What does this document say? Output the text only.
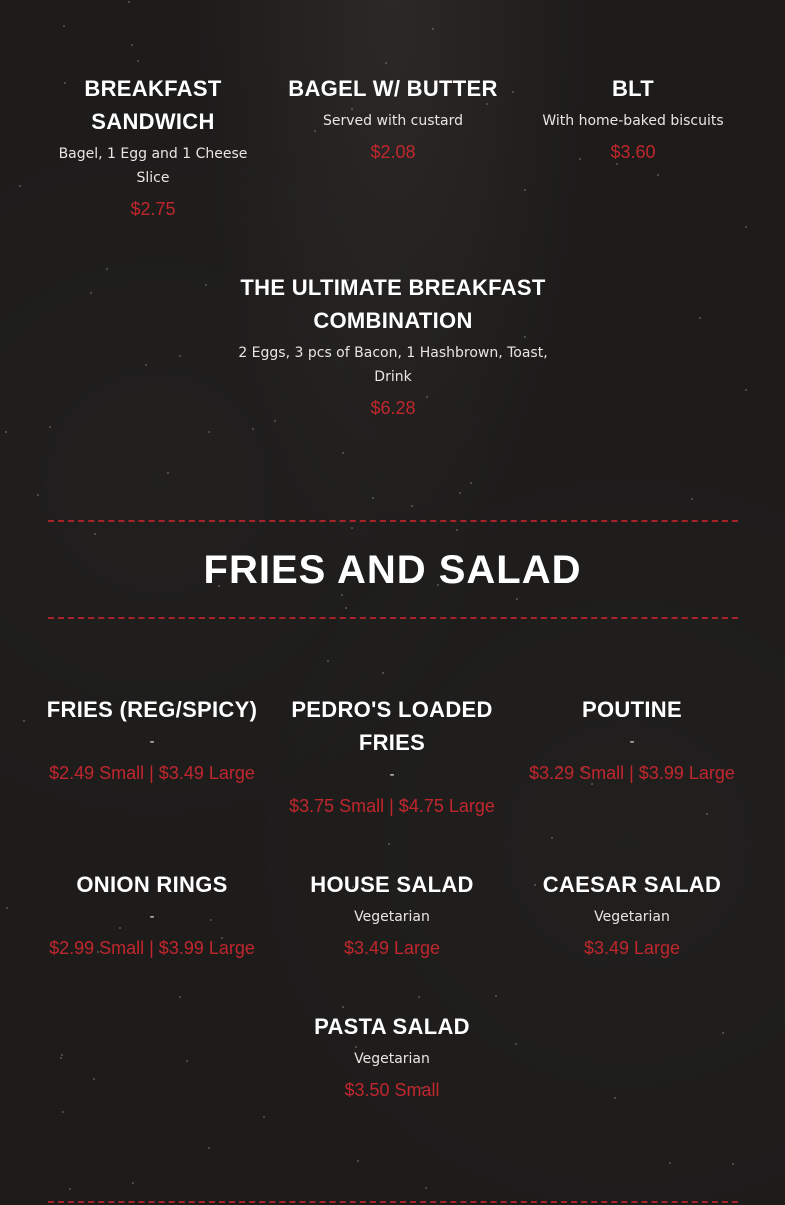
BREAKFAST SANDWICH
Bagel, 1 Egg and 1 Cheese Slice
$2.75
BAGEL W/ BUTTER
Served with custard
$2.08
BLT
With home-baked biscuits
$3.60
THE ULTIMATE BREAKFAST COMBINATION
2 Eggs, 3 pcs of Bacon, 1 Hashbrown, Toast, Drink
$6.28
FRIES AND SALAD
FRIES (REG/SPICY)
-
$2.49 Small | $3.49 Large
PEDRO'S LOADED FRIES
-
$3.75 Small | $4.75 Large
POUTINE
-
$3.29 Small | $3.99 Large
ONION RINGS
-
$2.99 Small | $3.99 Large
HOUSE SALAD
Vegetarian
$3.49 Large
CAESAR SALAD
Vegetarian
$3.49 Large
PASTA SALAD
Vegetarian
$3.50 Small
